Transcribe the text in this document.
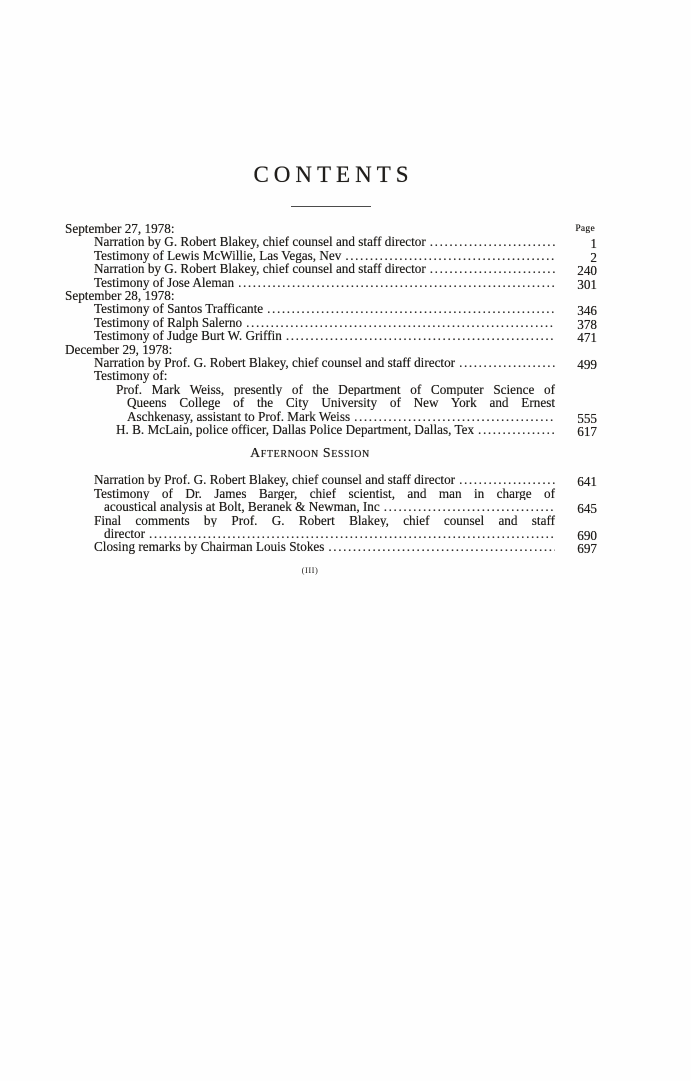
CONTENTS
Page
September 27, 1978:
Narration by G. Robert Blakey, chief counsel and staff director .....	1
Testimony of Lewis McWillie, Las Vegas, Nev .....	2
Narration by G. Robert Blakey, chief counsel and staff director .....	240
Testimony of Jose Aleman .....	301
September 28, 1978:
Testimony of Santos Trafficante .....	346
Testimony of Ralph Salerno .....	378
Testimony of Judge Burt W. Griffin .....	471
December 29, 1978:
Narration by Prof. G. Robert Blakey, chief counsel and staff director .....	499
Testimony of:
Prof. Mark Weiss, presently of the Department of Computer Science of
Queens College of the City University of New York and Ernest
Aschkenasy, assistant to Prof. Mark Weiss .....	555
H. B. McLain, police officer, Dallas Police Department, Dallas, Tex .....	617
Afternoon Session
Narration by Prof. G. Robert Blakey, chief counsel and staff director .....	641
Testimony of Dr. James Barger, chief scientist, and man in charge of
acoustical analysis at Bolt, Beranek & Newman, Inc .....	645
Final comments by Prof. G. Robert Blakey, chief counsel and staff
director .....	690
Closing remarks by Chairman Louis Stokes .....	697
(III)
